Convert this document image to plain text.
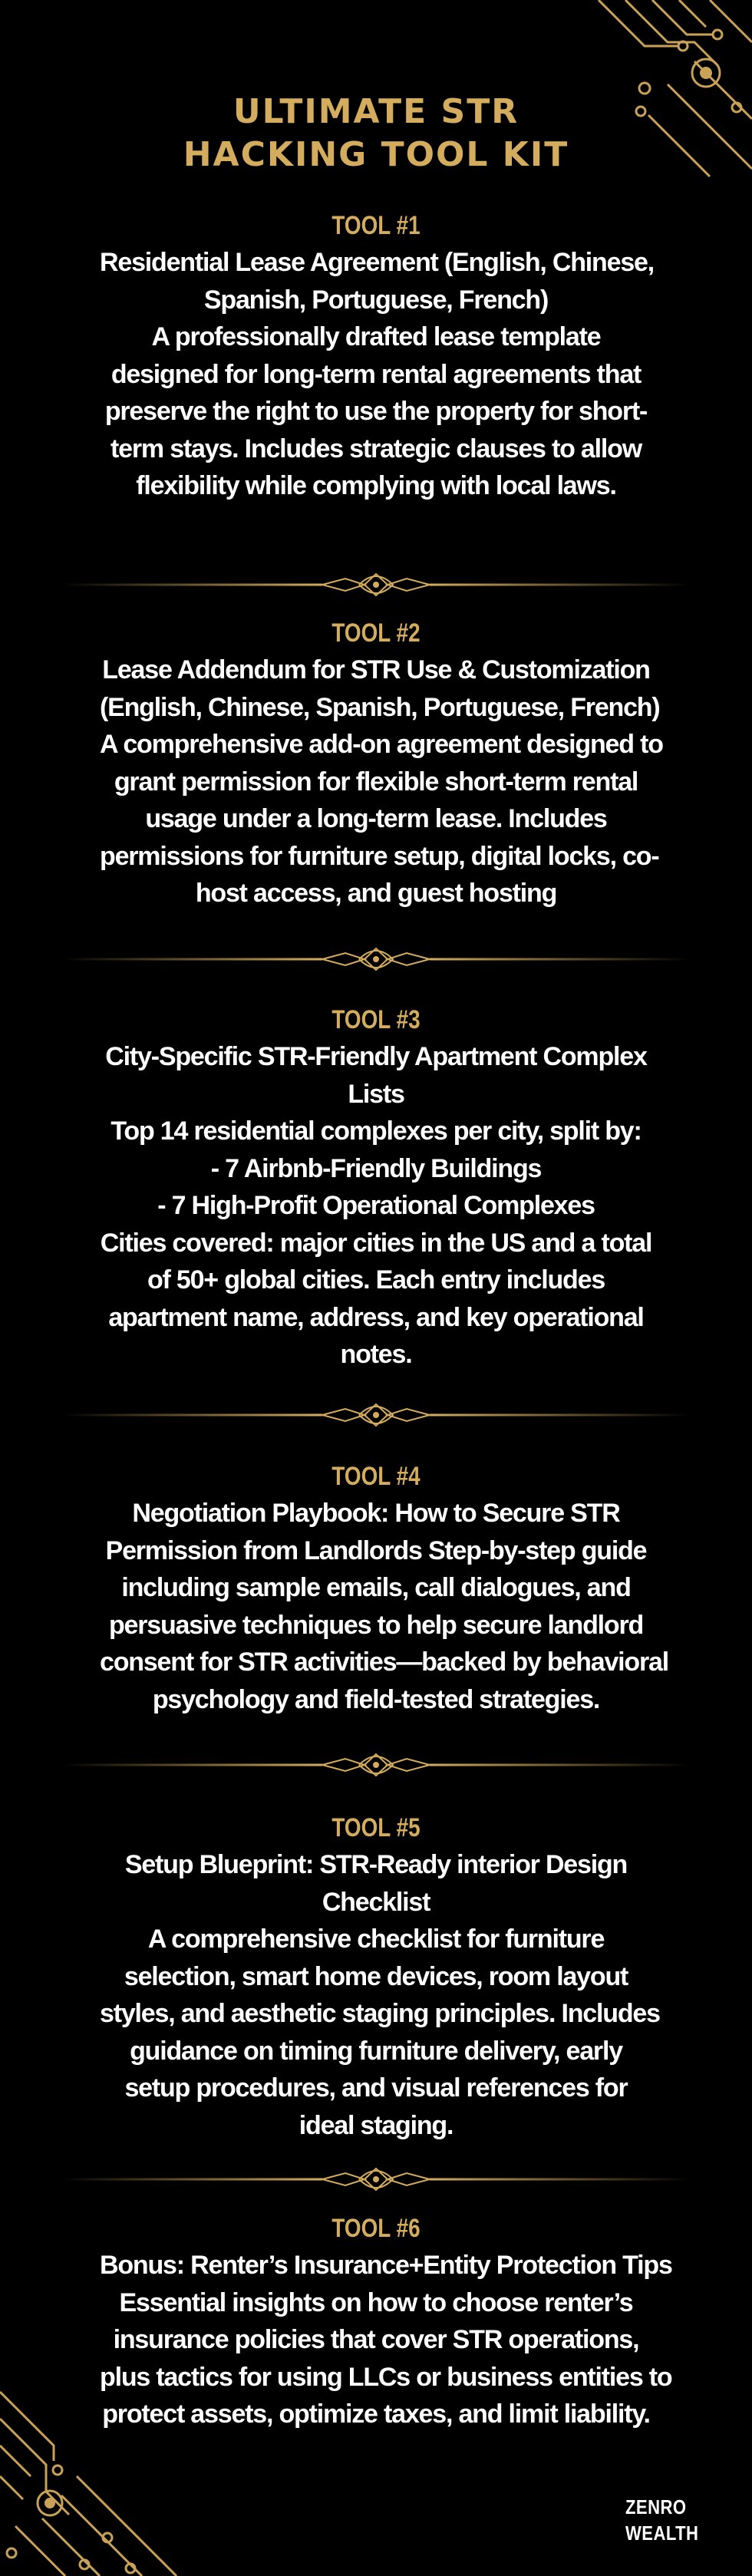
ULTIMATE STR
HACKING TOOL KIT
TOOL #1
Residential Lease Agreement (English, Chinese,
Spanish, Portuguese, French)
A professionally drafted lease template
designed for long-term rental agreements that
preserve the right to use the property for short-
term stays. Includes strategic clauses to allow
flexibility while complying with local laws.
TOOL #2
Lease Addendum for STR Use & Customization
(English, Chinese, Spanish, Portuguese, French)
A comprehensive add-on agreement designed to
grant permission for flexible short-term rental
usage under a long-term lease. Includes
permissions for furniture setup, digital locks, co-
host access, and guest hosting
TOOL #3
City-Specific STR-Friendly Apartment Complex
Lists
Top 14 residential complexes per city, split by:
- 7 Airbnb-Friendly Buildings
- 7 High-Profit Operational Complexes
Cities covered: major cities in the US and a total
of 50+ global cities. Each entry includes
apartment name, address, and key operational
notes.
TOOL #4
Negotiation Playbook: How to Secure STR
Permission from Landlords Step-by-step guide
including sample emails, call dialogues, and
persuasive techniques to help secure landlord
consent for STR activities—backed by behavioral
psychology and field-tested strategies.
TOOL #5
Setup Blueprint: STR-Ready interior Design
Checklist
A comprehensive checklist for furniture
selection, smart home devices, room layout
styles, and aesthetic staging principles. Includes
guidance on timing furniture delivery, early
setup procedures, and visual references for
ideal staging.
TOOL #6
Bonus: Renter’s Insurance+Entity Protection Tips
Essential insights on how to choose renter’s
insurance policies that cover STR operations,
plus tactics for using LLCs or business entities to
protect assets, optimize taxes, and limit liability.
ZENRO
WEALTH
